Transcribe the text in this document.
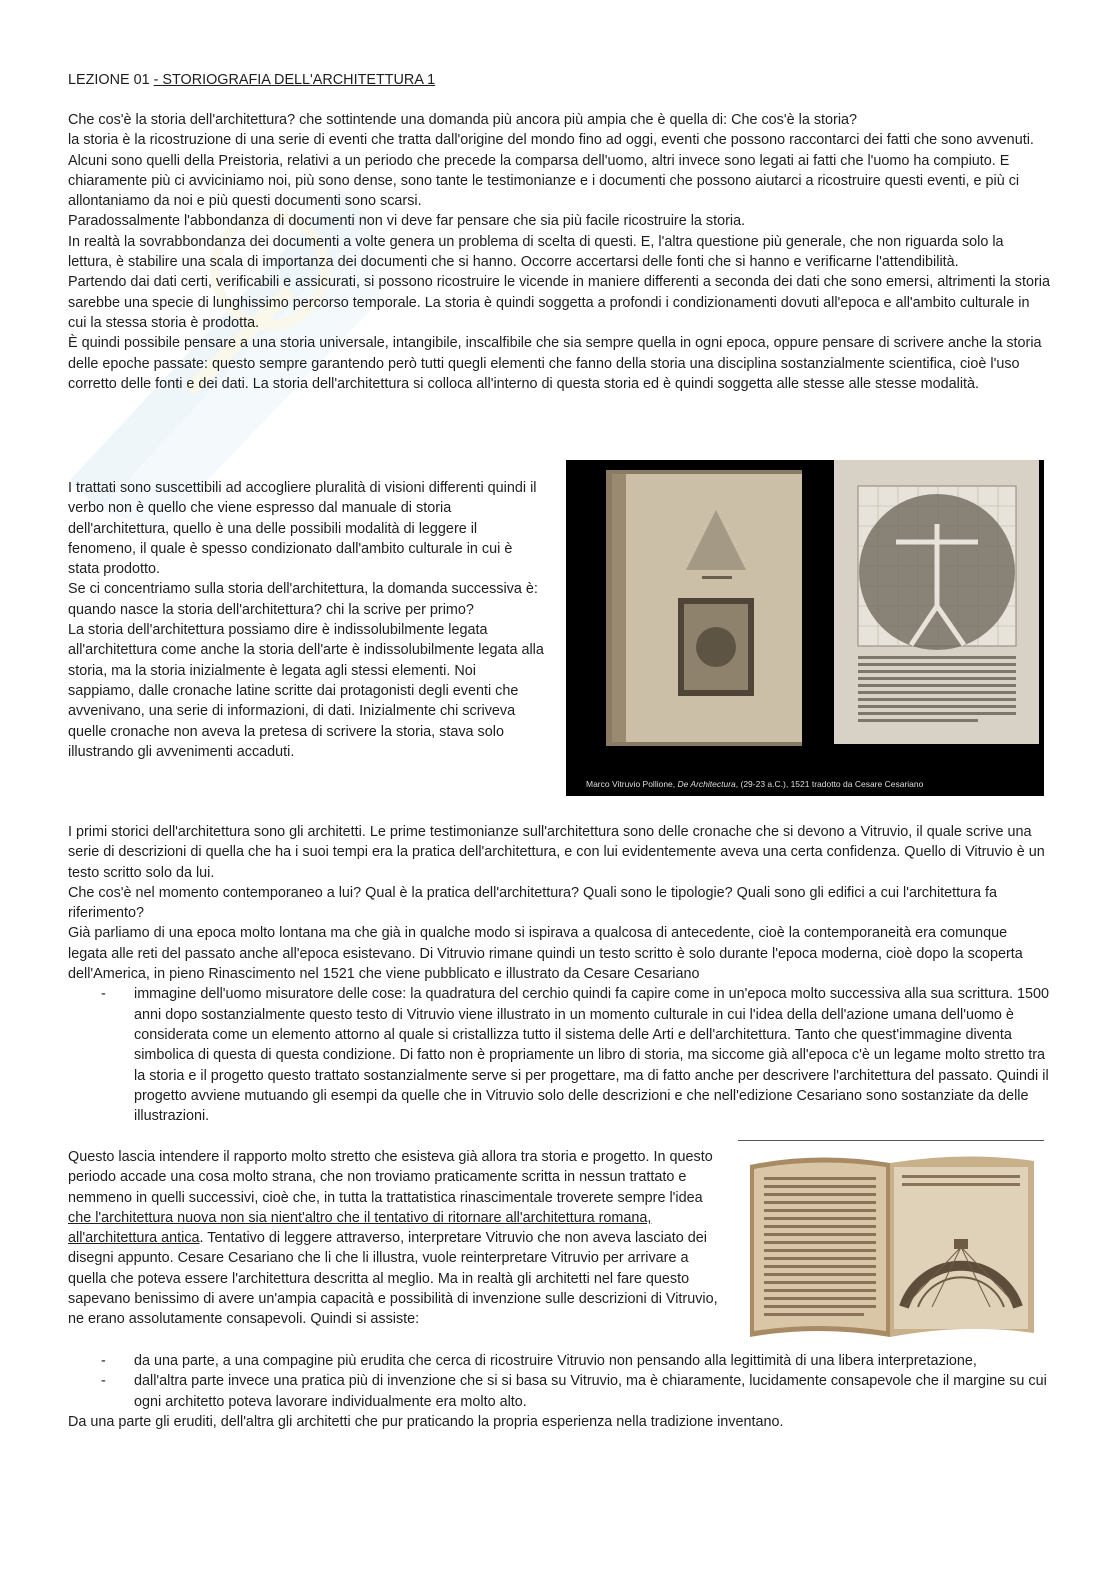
LEZIONE 01 - STORIOGRAFIA DELL'ARCHITETTURA 1

Che cos'è la storia dell'architettura? che sottintende una domanda più ancora più ampia che è quella di: Che cos'è la storia?

la storia è la ricostruzione di una serie di eventi che tratta dall'origine del mondo fino ad oggi, eventi che possono raccontarci dei fatti che sono avvenuti.

Alcuni sono quelli della Preistoria, relativi a un periodo che precede la comparsa dell'uomo, altri invece sono legati ai fatti che l'uomo ha compiuto. E chiaramente più ci avviciniamo noi, più sono dense, sono tante le testimonianze e i documenti che possono aiutarci a ricostruire questi eventi, e più ci allontaniamo da noi e più questi documenti sono scarsi.

Paradossalmente l'abbondanza di documenti non vi deve far pensare che sia più facile ricostruire la storia.

In realtà la sovrabbondanza dei documenti a volte genera un problema di scelta di questi. E, l'altra questione più generale, che non riguarda solo la lettura, è stabilire una scala di importanza dei documenti che si hanno. Occorre accertarsi delle fonti che si hanno e verificarne l'attendibilità.

Partendo dai dati certi, verificabili e assicurati, si possono ricostruire le vicende in maniere differenti a seconda dei dati che sono emersi, altrimenti la storia sarebbe una specie di lunghissimo percorso temporale. La storia è quindi soggetta a profondi i condizionamenti dovuti all'epoca e all'ambito culturale in cui la stessa storia è prodotta.

È quindi possibile pensare a una storia universale, intangibile, inscalfibile che sia sempre quella in ogni epoca, oppure pensare di scrivere anche la storia delle epoche passate: questo sempre garantendo però tutti quegli elementi che fanno della storia una disciplina sostanzialmente scientifica, cioè l'uso corretto delle fonti e dei dati. La storia dell'architettura si colloca all'interno di questa storia ed è quindi soggetta alle stesse alle stesse modalità.

I trattati sono suscettibili ad accogliere pluralità di visioni differenti quindi il verbo non è quello che viene espresso dal manuale di storia dell'architettura, quello è una delle possibili modalità di leggere il fenomeno, il quale è spesso condizionato dall'ambito culturale in cui è stata prodotto.

Se ci concentriamo sulla storia dell'architettura, la domanda successiva è: quando nasce la storia dell'architettura? chi la scrive per primo?

La storia dell'architettura possiamo dire è indissolubilmente legata all'architettura come anche la storia dell'arte è indissolubilmente legata alla storia, ma la storia inizialmente è legata agli stessi elementi. Noi sappiamo, dalle cronache latine scritte dai protagonisti degli eventi che avvenivano, una serie di informazioni, di dati. Inizialmente chi scriveva quelle cronache non aveva la pretesa di scrivere la storia, stava solo illustrando gli avvenimenti accaduti.

Marco Vitruvio Pollione, De Architectura, (29-23 a.C.), 1521 tradotto da Cesare Cesariano

I primi storici dell'architettura sono gli architetti. Le prime testimonianze sull'architettura sono delle cronache che si devono a Vitruvio, il quale scrive una serie di descrizioni di quella che ha i suoi tempi era la pratica dell'architettura, e con lui evidentemente aveva una certa confidenza. Quello di Vitruvio è un testo scritto solo da lui.

Che cos'è nel momento contemporaneo a lui? Qual è la pratica dell'architettura? Quali sono le tipologie? Quali sono gli edifici a cui l'architettura fa riferimento?

Già parliamo di una epoca molto lontana ma che già in qualche modo si ispirava a qualcosa di antecedente, cioè la contemporaneità era comunque legata alle reti del passato anche all'epoca esistevano. Di Vitruvio rimane quindi un testo scritto è solo durante l'epoca moderna, cioè dopo la scoperta dell'America, in pieno Rinascimento nel 1521 che viene pubblicato e illustrato da Cesare Cesariano

- immagine dell'uomo misuratore delle cose: la quadratura del cerchio quindi fa capire come in un'epoca molto successiva alla sua scrittura. 1500 anni dopo sostanzialmente questo testo di Vitruvio viene illustrato in un momento culturale in cui l'idea della dell'azione umana dell'uomo è considerata come un elemento attorno al quale si cristallizza tutto il sistema delle Arti e dell'architettura. Tanto che quest'immagine diventa simbolica di questa di questa condizione. Di fatto non è propriamente un libro di storia, ma siccome già all'epoca c'è un legame molto stretto tra la storia e il progetto questo trattato sostanzialmente serve si per progettare, ma di fatto anche per descrivere l'architettura del passato. Quindi il progetto avviene mutuando gli esempi da quelle che in Vitruvio solo delle descrizioni e che nell'edizione Cesariano sono sostanziate da delle illustrazioni.

Questo lascia intendere il rapporto molto stretto che esisteva già allora tra storia e progetto. In questo periodo accade una cosa molto strana, che non troviamo praticamente scritta in nessun trattato e nemmeno in quelli successivi, cioè che, in tutta la trattatistica rinascimentale troverete sempre l'idea che l'architettura nuova non sia nient'altro che il tentativo di ritornare all'architettura romana, all'architettura antica. Tentativo di leggere attraverso, interpretare Vitruvio che non aveva lasciato dei disegni appunto. Cesare Cesariano che li che li illustra, vuole reinterpretare Vitruvio per arrivare a quella che poteva essere l'architettura descritta al meglio. Ma in realtà gli architetti nel fare questo sapevano benissimo di avere un'ampia capacità e possibilità di invenzione sulle descrizioni di Vitruvio, ne erano assolutamente consapevoli. Quindi si assiste:

- da una parte, a una compagine più erudita che cerca di ricostruire Vitruvio non pensando alla legittimità di una libera interpretazione,

- dall'altra parte invece una pratica più di invenzione che si si basa su Vitruvio, ma è chiaramente, lucidamente consapevole che il margine su cui ogni architetto poteva lavorare individualmente era molto alto.

Da una parte gli eruditi, dell'altra gli architetti che pur praticando la propria esperienza nella tradizione inventano.
